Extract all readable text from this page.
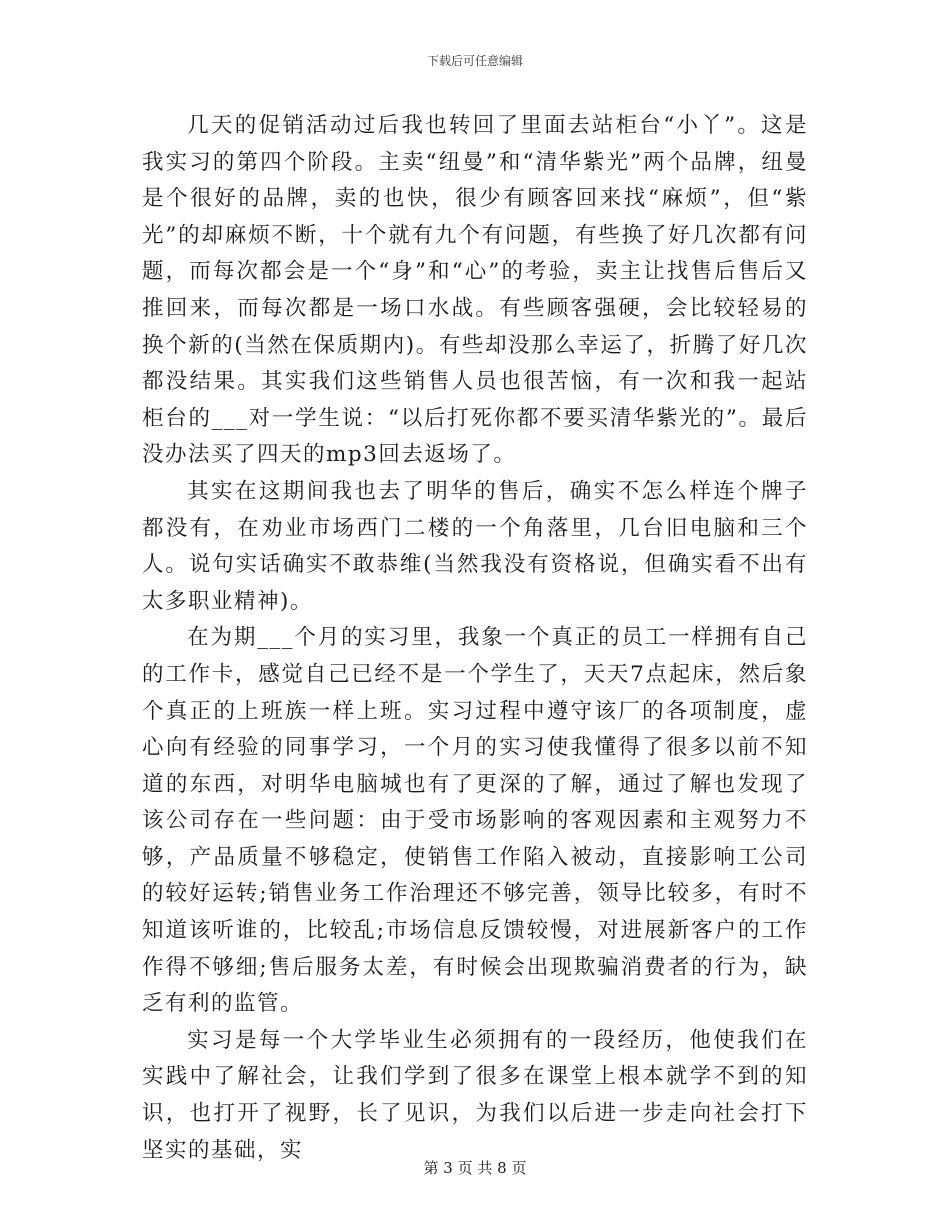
下载后可任意编辑

几天的促销活动过后我也转回了里面去站柜台“小丫”。这是我实习的第四个阶段。主卖“纽曼”和“清华紫光”两个品牌，纽曼是个很好的品牌，卖的也快，很少有顾客回来找“麻烦”，但“紫光”的却麻烦不断，十个就有九个有问题，有些换了好几次都有问题，而每次都会是一个“身”和“心”的考验，卖主让找售后售后又推回来，而每次都是一场口水战。有些顾客强硬，会比较轻易的换个新的(当然在保质期内)。有些却没那么幸运了，折腾了好几次都没结果。其实我们这些销售人员也很苦恼，有一次和我一起站柜台的___对一学生说：“以后打死你都不要买清华紫光的”。最后没办法买了四天的mp3回去返场了。

其实在这期间我也去了明华的售后，确实不怎么样连个牌子都没有，在劝业市场西门二楼的一个角落里，几台旧电脑和三个人。说句实话确实不敢恭维(当然我没有资格说，但确实看不出有太多职业精神)。

在为期___个月的实习里，我象一个真正的员工一样拥有自己的工作卡，感觉自己已经不是一个学生了，天天7点起床，然后象个真正的上班族一样上班。实习过程中遵守该厂的各项制度，虚心向有经验的同事学习，一个月的实习使我懂得了很多以前不知道的东西，对明华电脑城也有了更深的了解，通过了解也发现了该公司存在一些问题：由于受市场影响的客观因素和主观努力不够，产品质量不够稳定，使销售工作陷入被动，直接影响工公司的较好运转;销售业务工作治理还不够完善，领导比较多，有时不知道该听谁的，比较乱;市场信息反馈较慢，对进展新客户的工作作得不够细;售后服务太差，有时候会出现欺骗消费者的行为，缺乏有利的监管。

实习是每一个大学毕业生必须拥有的一段经历，他使我们在实践中了解社会，让我们学到了很多在课堂上根本就学不到的知识，也打开了视野，长了见识，为我们以后进一步走向社会打下坚实的基础，实

第 3 页 共 8 页
